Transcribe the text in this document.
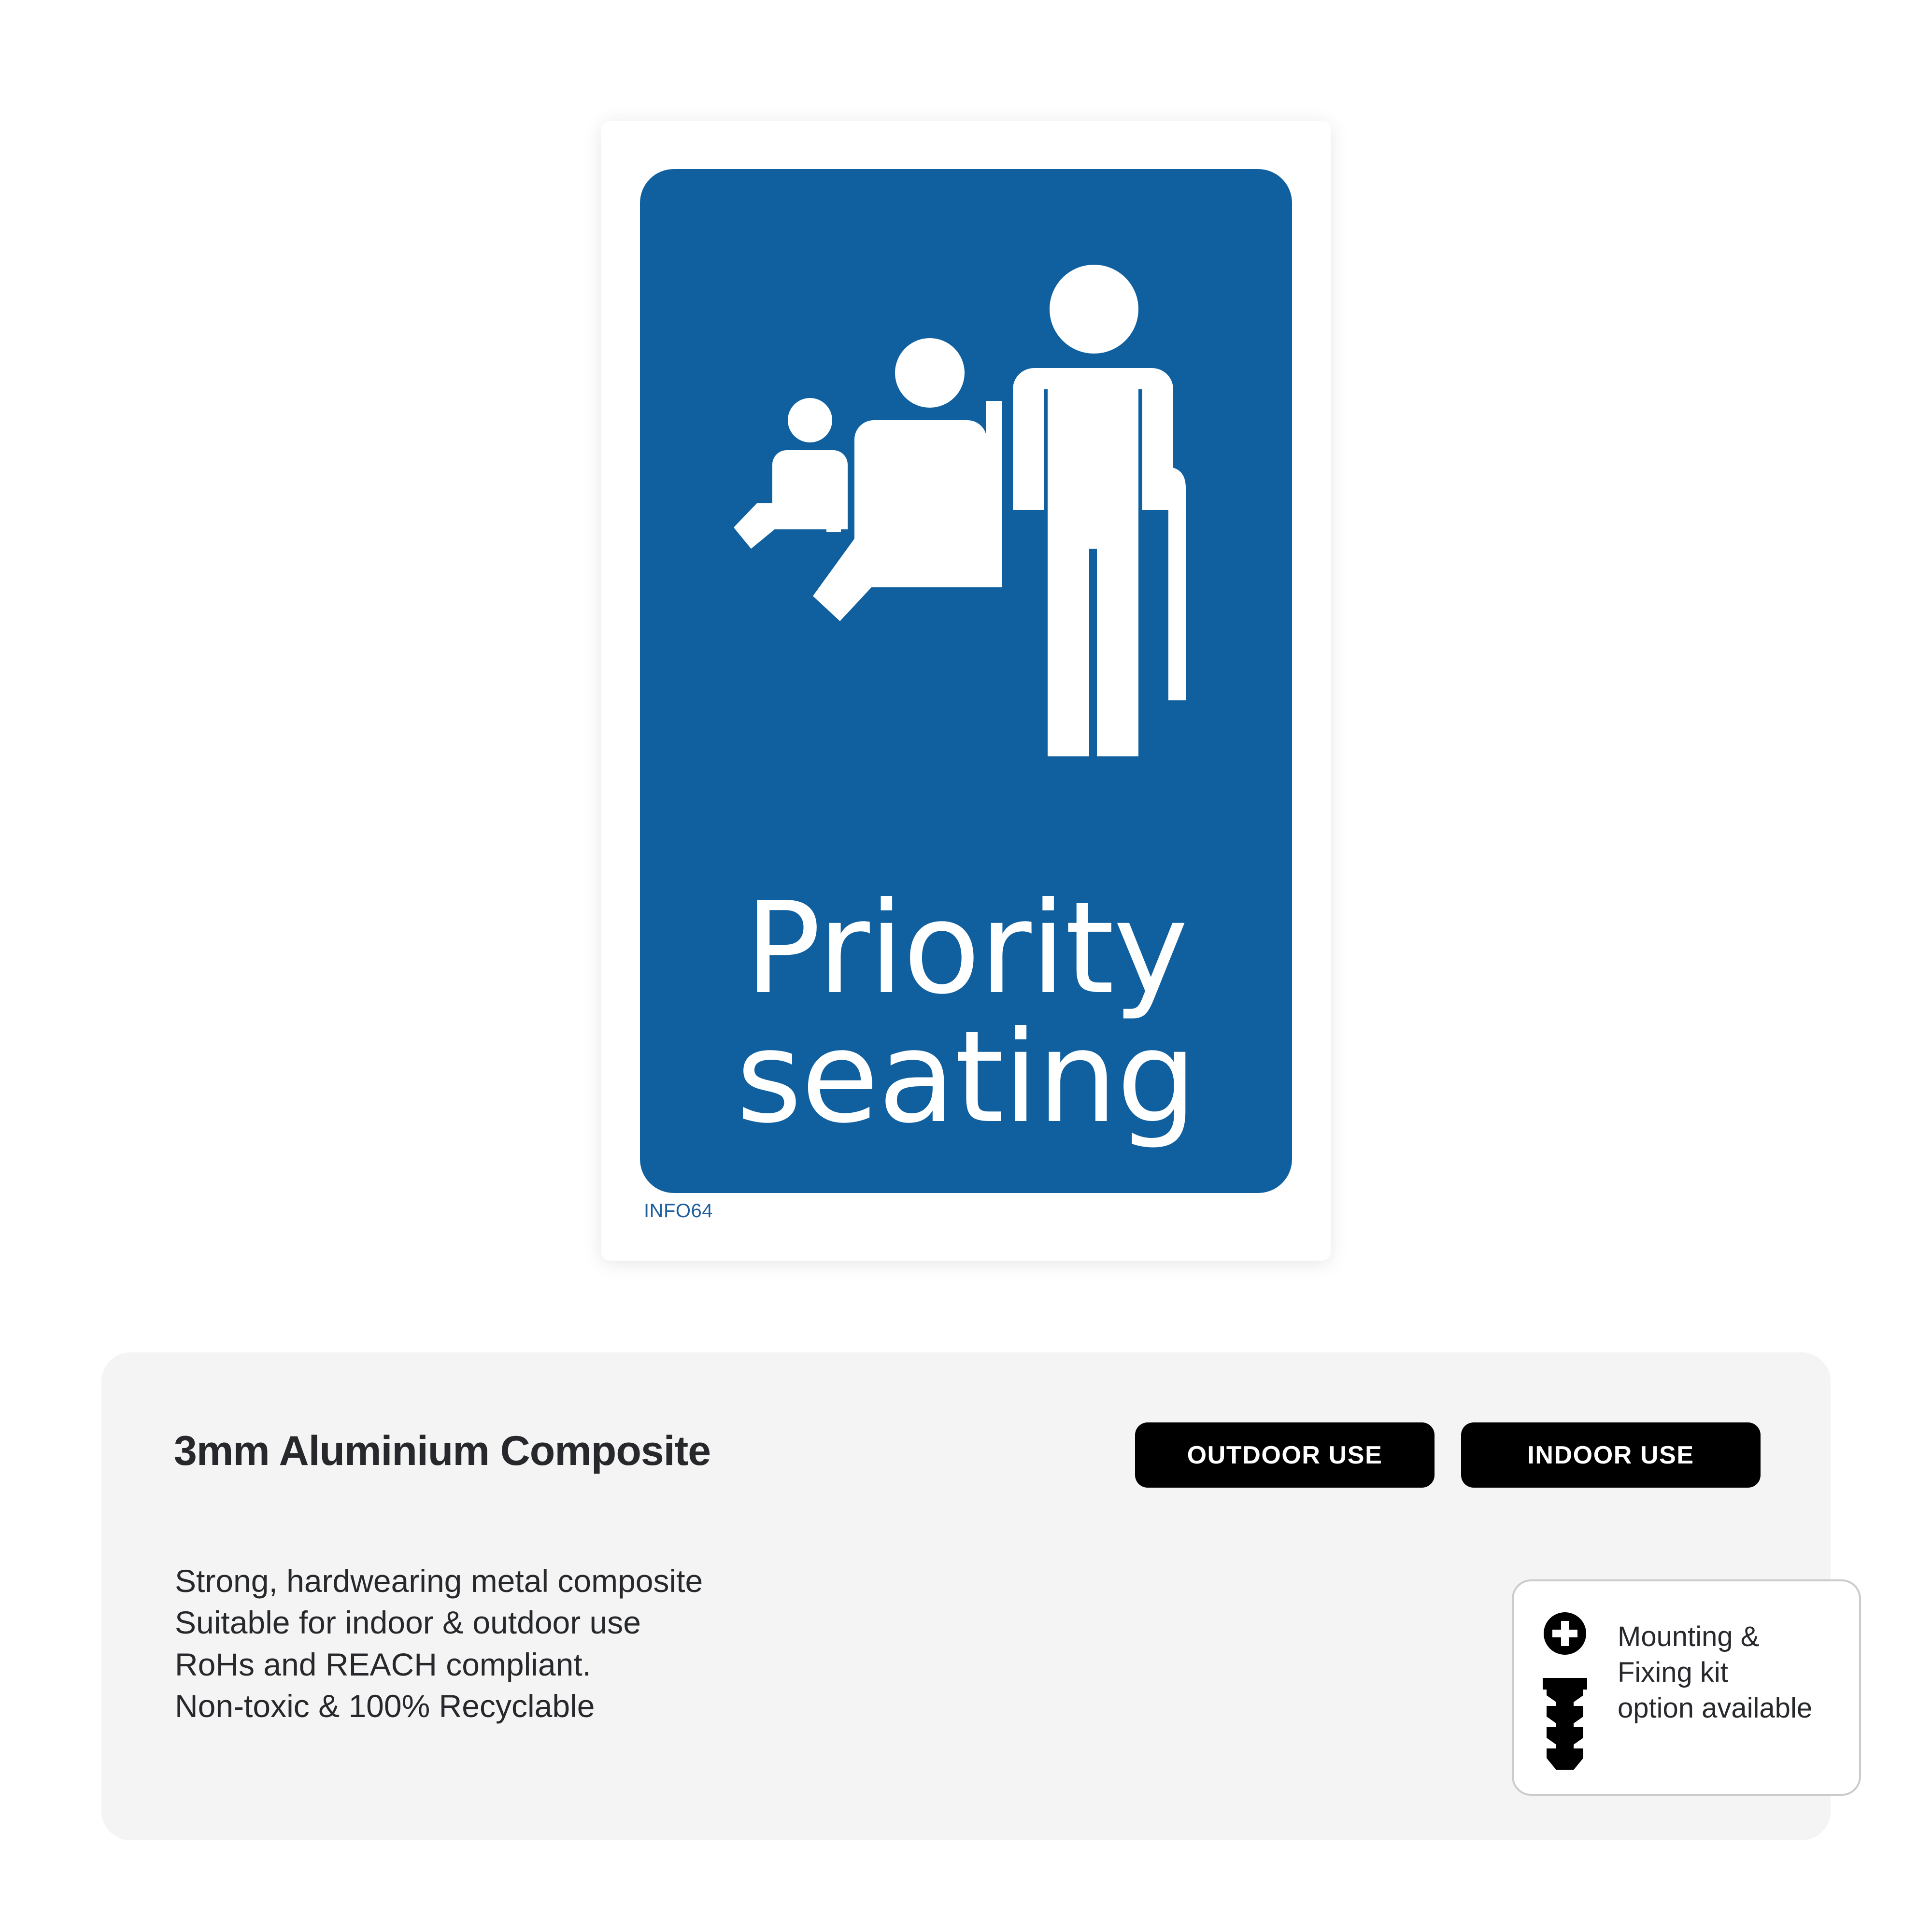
Priority
seating
INFO64
3mm Aluminium Composite
Strong, hardwearing metal composite
Suitable for indoor & outdoor use
RoHs and REACH compliant.
Non-toxic & 100% Recyclable
OUTDOOR USE	INDOOR USE
Mounting &
Fixing kit
option available
